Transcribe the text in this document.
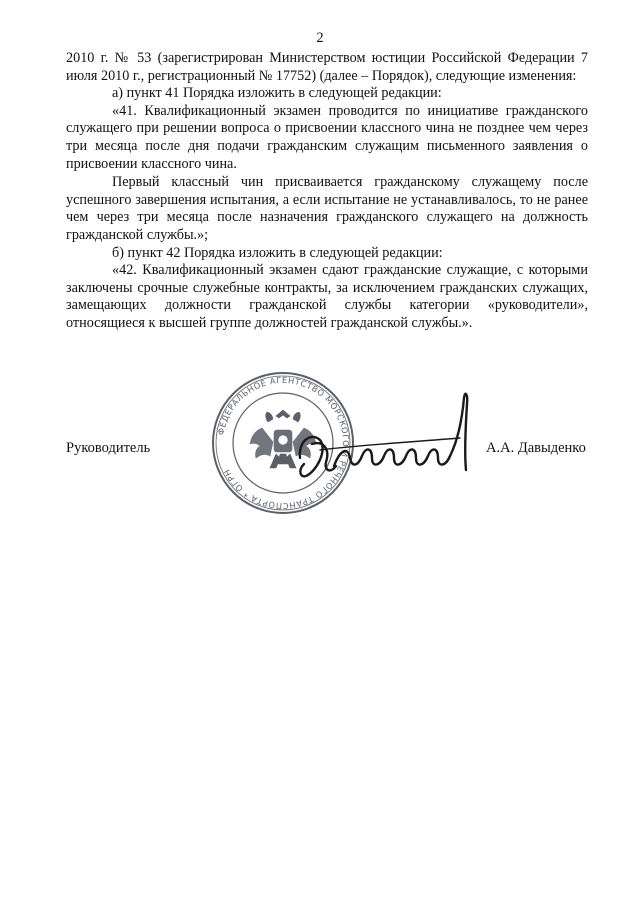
2

2010 г. № 53 (зарегистрирован Министерством юстиции Российской Федерации 7 июля 2010 г., регистрационный № 17752) (далее – Порядок), следующие изменения:

а) пункт 41 Порядка изложить в следующей редакции:

«41. Квалификационный экзамен проводится по инициативе гражданского служащего при решении вопроса о присвоении классного чина не позднее чем через три месяца после дня подачи гражданским служащим письменного заявления о присвоении классного чина.

Первый классный чин присваивается гражданскому служащему после успешного завершения испытания, а если испытание не устанавливалось, то не ранее чем через три месяца после назначения гражданского служащего на должность гражданской службы.»;

б) пункт 42 Порядка изложить в следующей редакции:

«42. Квалификационный экзамен сдают гражданские служащие, с которыми заключены срочные служебные контракты, за исключением гражданских служащих, замещающих должности гражданской службы категории «руководители», относящиеся к высшей группе должностей гражданской службы.».

Руководитель
ФЕДЕРАЛЬНОЕ АГЕНТСТВО МОРСКОГО И РЕЧНОГО ТРАНСПОРТА * ОГРН
А.А. Давыденко
